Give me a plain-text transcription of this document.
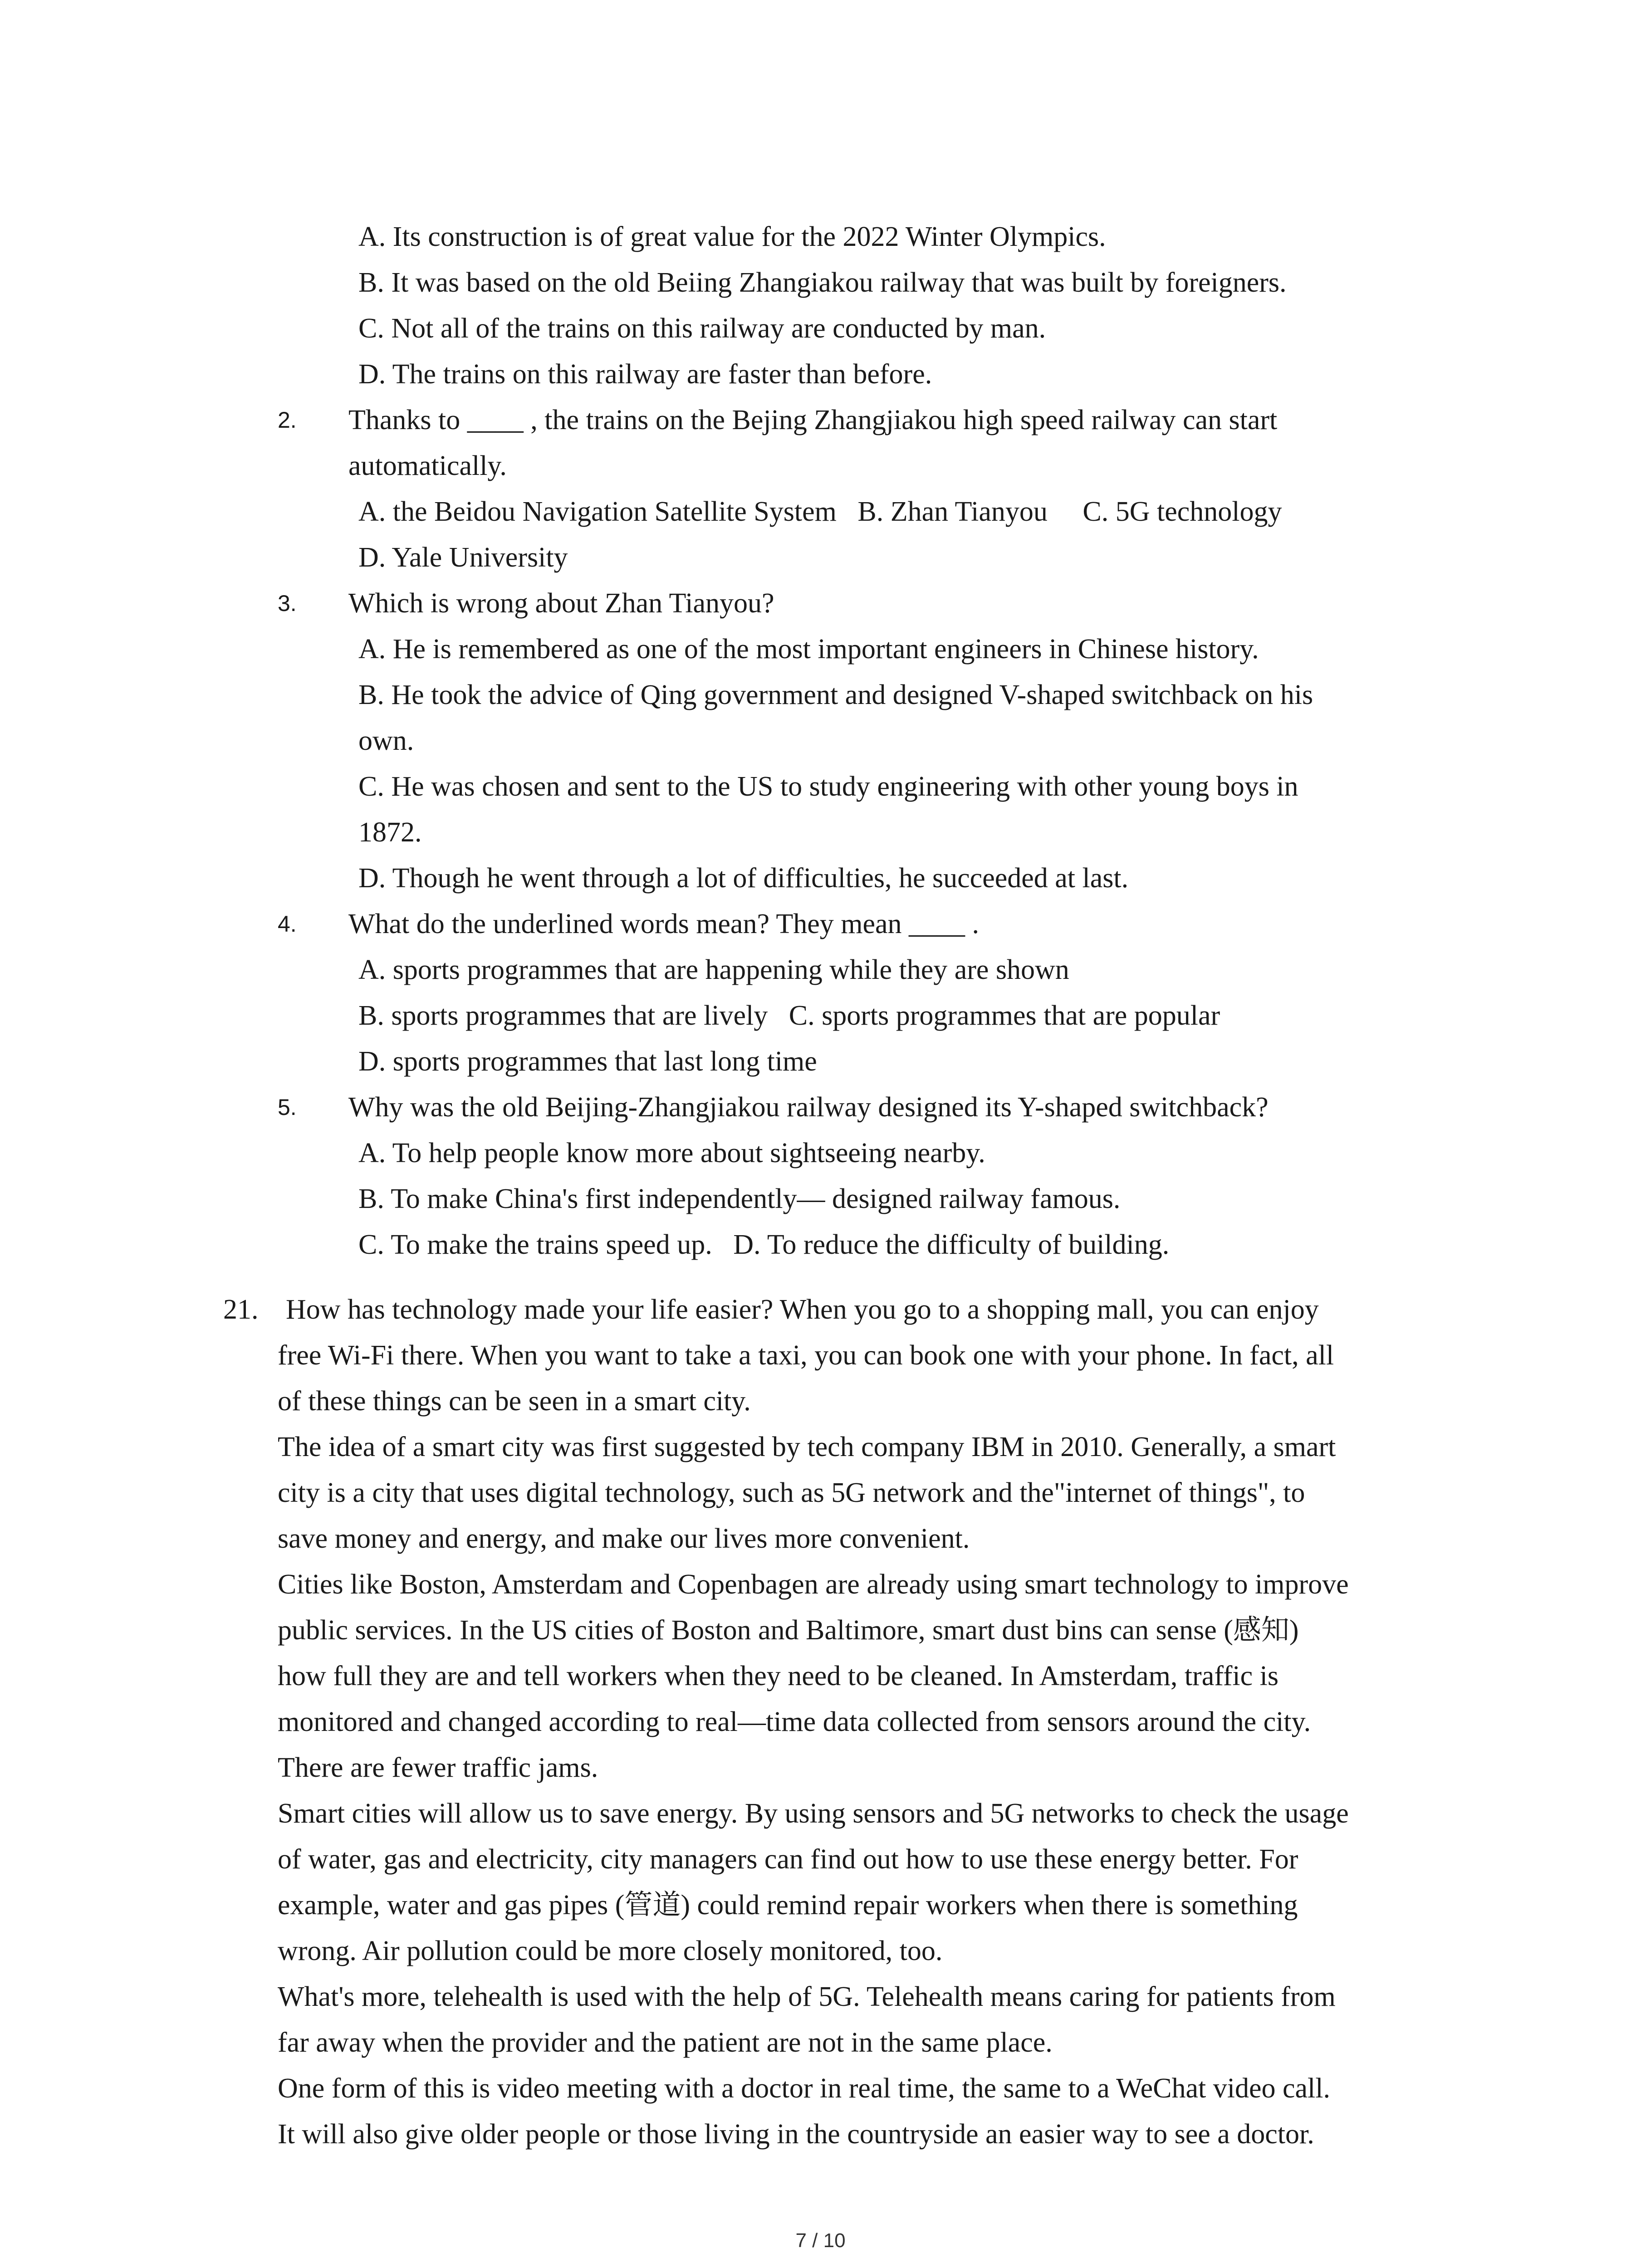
A. Its construction is of great value for the 2022 Winter Olympics.
B. It was based on the old Beiing Zhangiakou railway that was built by foreigners.
C. Not all of the trains on this railway are conducted by man.
D. The trains on this railway are faster than before.
2. Thanks to ____ , the trains on the Bejing Zhangjiakou high speed railway can start
automatically.
A. the Beidou Navigation Satellite System   B. Zhan Tianyou     C. 5G technology
D. Yale University
3. Which is wrong about Zhan Tianyou?
A. He is remembered as one of the most important engineers in Chinese history.
B. He took the advice of Qing government and designed V-shaped switchback on his
own.
C. He was chosen and sent to the US to study engineering with other young boys in
1872.
D. Though he went through a lot of difficulties, he succeeded at last.
4. What do the underlined words mean? They mean ____ .
A. sports programmes that are happening while they are shown
B. sports programmes that are lively   C. sports programmes that are popular
D. sports programmes that last long time
5. Why was the old Beijing-Zhangjiakou railway designed its Y-shaped switchback?
A. To help people know more about sightseeing nearby.
B. To make China's first independently— designed railway famous.
C. To make the trains speed up.   D. To reduce the difficulty of building.
21. How has technology made your life easier? When you go to a shopping mall, you can enjoy
free Wi-Fi there. When you want to take a taxi, you can book one with your phone. In fact, all
of these things can be seen in a smart city.
The idea of a smart city was first suggested by tech company IBM in 2010. Generally, a smart
city is a city that uses digital technology, such as 5G network and the"internet of things", to
save money and energy, and make our lives more convenient.
Cities like Boston, Amsterdam and Copenbagen are already using smart technology to improve
public services. In the US cities of Boston and Baltimore, smart dust bins can sense (感知)
how full they are and tell workers when they need to be cleaned. In Amsterdam, traffic is
monitored and changed according to real—time data collected from sensors around the city.
There are fewer traffic jams.
Smart cities will allow us to save energy. By using sensors and 5G networks to check the usage
of water, gas and electricity, city managers can find out how to use these energy better. For
example, water and gas pipes (管道) could remind repair workers when there is something
wrong. Air pollution could be more closely monitored, too.
What's more, telehealth is used with the help of 5G. Telehealth means caring for patients from
far away when the provider and the patient are not in the same place.
One form of this is video meeting with a doctor in real time, the same to a WeChat video call.
It will also give older people or those living in the countryside an easier way to see a doctor.
7 / 10
